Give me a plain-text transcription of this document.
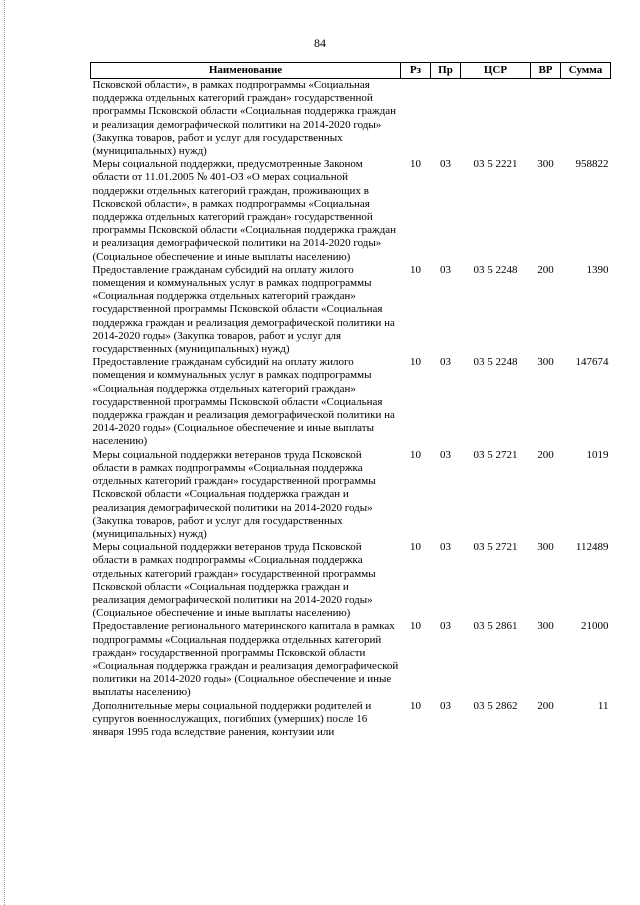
84
Наименование	Рз	Пр	ЦСР	ВР	Сумма
Псковской области», в рамках подпрограммы «Социальная поддержка отдельных категорий граждан» государственной программы Псковской области «Социальная поддержка граждан и реализация демографической политики на 2014-2020 годы» (Закупка товаров, работ и услуг для государственных (муниципальных) нужд)					
Меры социальной поддержки, предусмотренные Законом области от 11.01.2005 № 401-ОЗ «О мерах социальной поддержки отдельных категорий граждан, проживающих в Псковской области», в рамках подпрограммы «Социальная поддержка отдельных категорий граждан» государственной программы Псковской области «Социальная поддержка граждан и реализация демографической политики на 2014-2020 годы» (Социальное обеспечение и иные выплаты населению)	10	03	03 5 2221	300	958822
Предоставление гражданам субсидий на оплату жилого помещения и коммунальных услуг в рамках подпрограммы «Социальная поддержка отдельных категорий граждан» государственной программы Псковской области «Социальная поддержка граждан и реализация демографической политики на 2014-2020 годы» (Закупка товаров, работ и услуг для государственных (муниципальных) нужд)	10	03	03 5 2248	200	1390
Предоставление гражданам субсидий на оплату жилого помещения и коммунальных услуг в рамках подпрограммы «Социальная поддержка отдельных категорий граждан» государственной программы Псковской области «Социальная поддержка граждан и реализация демографической политики на 2014-2020 годы» (Социальное обеспечение и иные выплаты населению)	10	03	03 5 2248	300	147674
Меры социальной поддержки ветеранов труда Псковской области в рамках подпрограммы «Социальная поддержка отдельных категорий граждан» государственной программы Псковской области «Социальная поддержка граждан и реализация демографической политики на 2014-2020 годы» (Закупка товаров, работ и услуг для государственных (муниципальных) нужд)	10	03	03 5 2721	200	1019
Меры социальной поддержки ветеранов труда Псковской области в рамках подпрограммы «Социальная поддержка отдельных категорий граждан» государственной программы Псковской области «Социальная поддержка граждан и реализация демографической политики на 2014-2020 годы» (Социальное обеспечение и иные выплаты населению)	10	03	03 5 2721	300	112489
Предоставление регионального материнского капитала в рамках подпрограммы «Социальная поддержка отдельных категорий граждан» государственной программы Псковской области «Социальная поддержка граждан и реализация демографической политики на 2014-2020 годы» (Социальное обеспечение и иные выплаты населению)	10	03	03 5 2861	300	21000
Дополнительные меры социальной поддержки родителей и супругов военнослужащих, погибших (умерших) после 16 января 1995 года вследствие ранения, контузии или	10	03	03 5 2862	200	11
